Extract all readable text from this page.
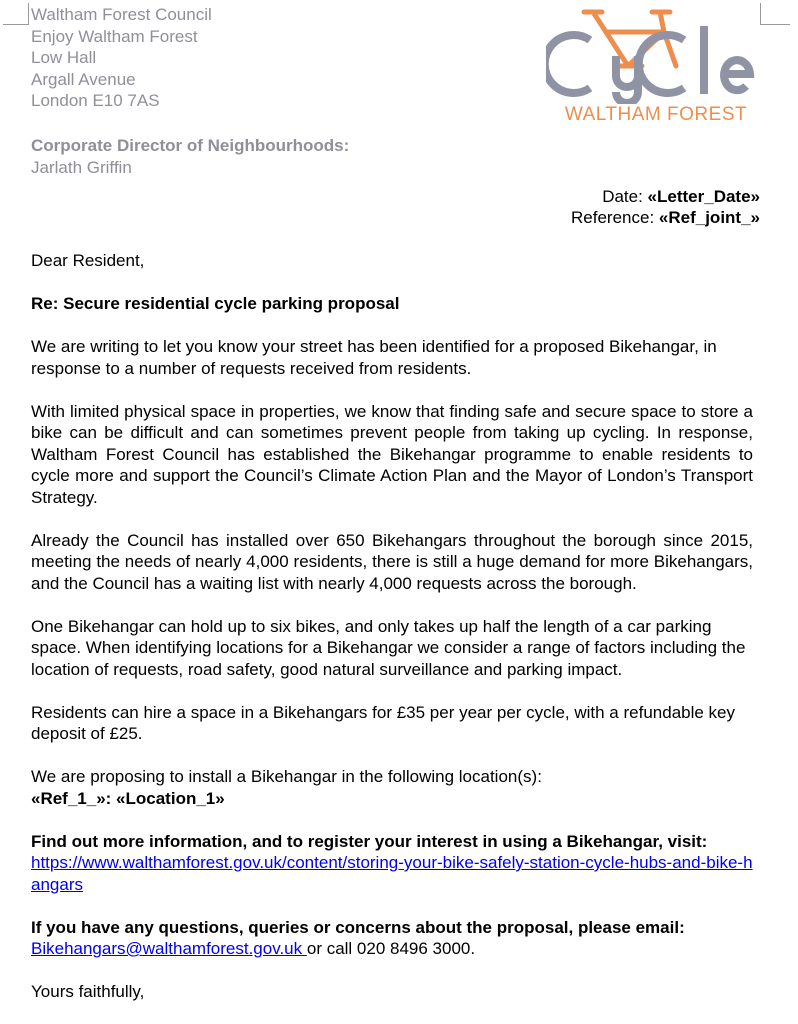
Waltham Forest Council
Enjoy Waltham Forest
Low Hall
Argall Avenue
London E10 7AS
Corporate Director of Neighbourhoods:
Jarlath Griffin
WALTHAM FOREST
Date: «Letter_Date»
Reference: «Ref_joint_»

Dear Resident,

Re: Secure residential cycle parking proposal

We are writing to let you know your street has been identified for a proposed Bikehangar, in response to a number of requests received from residents.

With limited physical space in properties, we know that finding safe and secure space to store a bike can be difficult and can sometimes prevent people from taking up cycling. In response, Waltham Forest Council has established the Bikehangar programme to enable residents to cycle more and support the Council’s Climate Action Plan and the Mayor of London’s Transport Strategy.

Already the Council has installed over 650 Bikehangars throughout the borough since 2015, meeting the needs of nearly 4,000 residents, there is still a huge demand for more Bikehangars, and the Council has a waiting list with nearly 4,000 requests across the borough.

One Bikehangar can hold up to six bikes, and only takes up half the length of a car parking space. When identifying locations for a Bikehangar we consider a range of factors including the location of requests, road safety, good natural surveillance and parking impact.

Residents can hire a space in a Bikehangars for £35 per year per cycle, with a refundable key deposit of £25.

We are proposing to install a Bikehangar in the following location(s):
«Ref_1_»: «Location_1»

Find out more information, and to register your interest in using a Bikehangar, visit:
https://www.walthamforest.gov.uk/content/storing-your-bike-safely-station-cycle-hubs-and-bike-hangars

If you have any questions, queries or concerns about the proposal, please email:
Bikehangars@walthamforest.gov.uk or call 020 8496 3000.

Yours faithfully,
